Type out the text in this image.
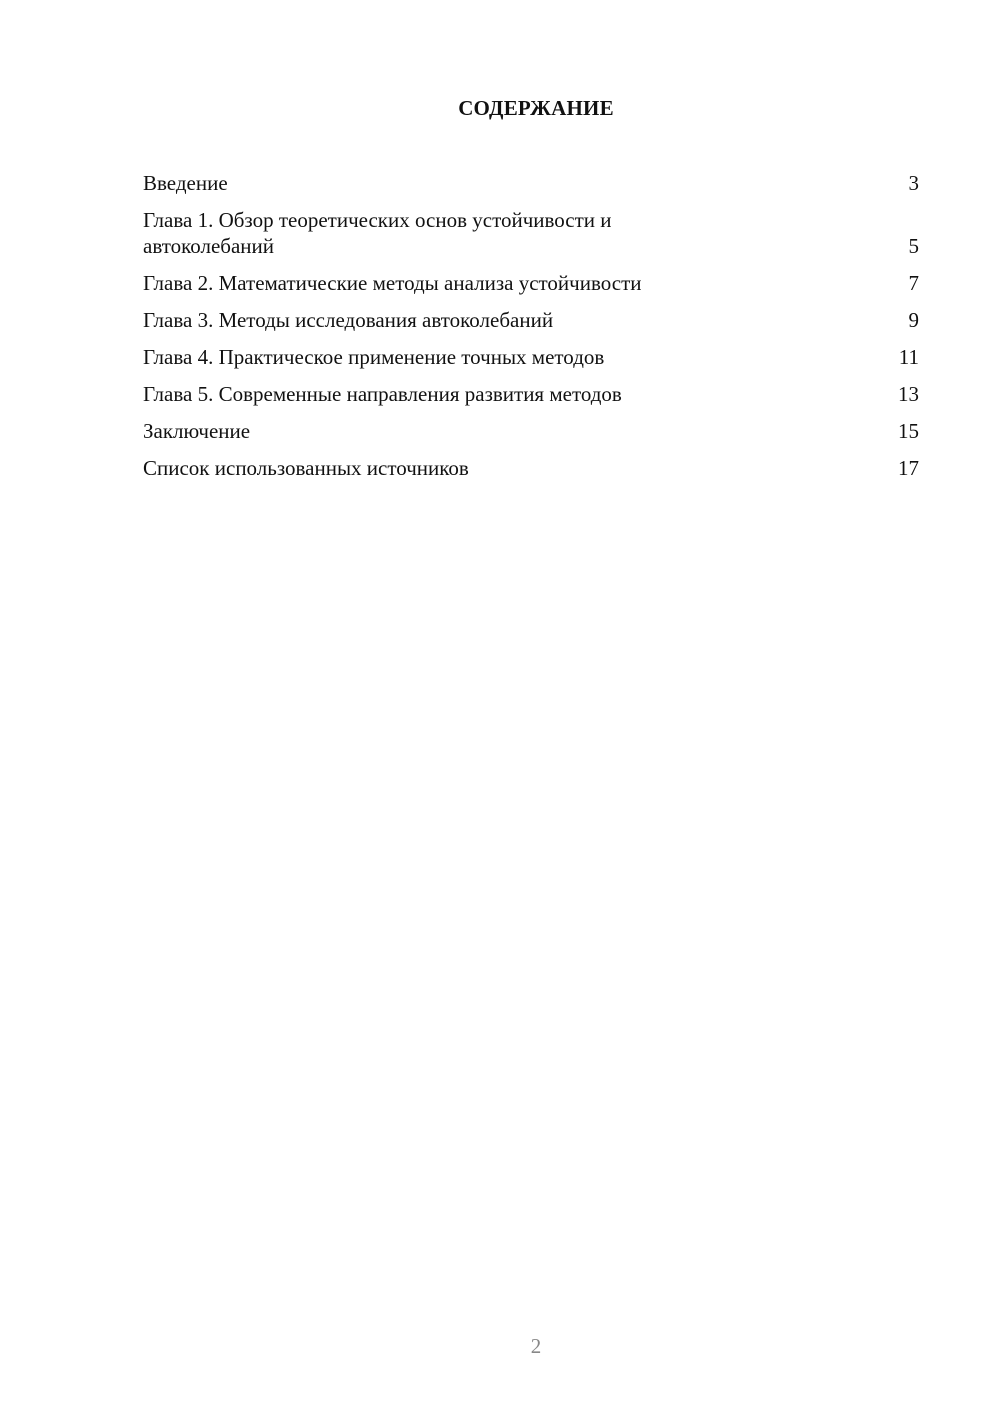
СОДЕРЖАНИЕ
Введение	3
Глава 1. Обзор теоретических основ устойчивости и автоколебаний	5
Глава 2. Математические методы анализа устойчивости	7
Глава 3. Методы исследования автоколебаний	9
Глава 4. Практическое применение точных методов	11
Глава 5. Современные направления развития методов	13
Заключение	15
Список использованных источников	17
2
